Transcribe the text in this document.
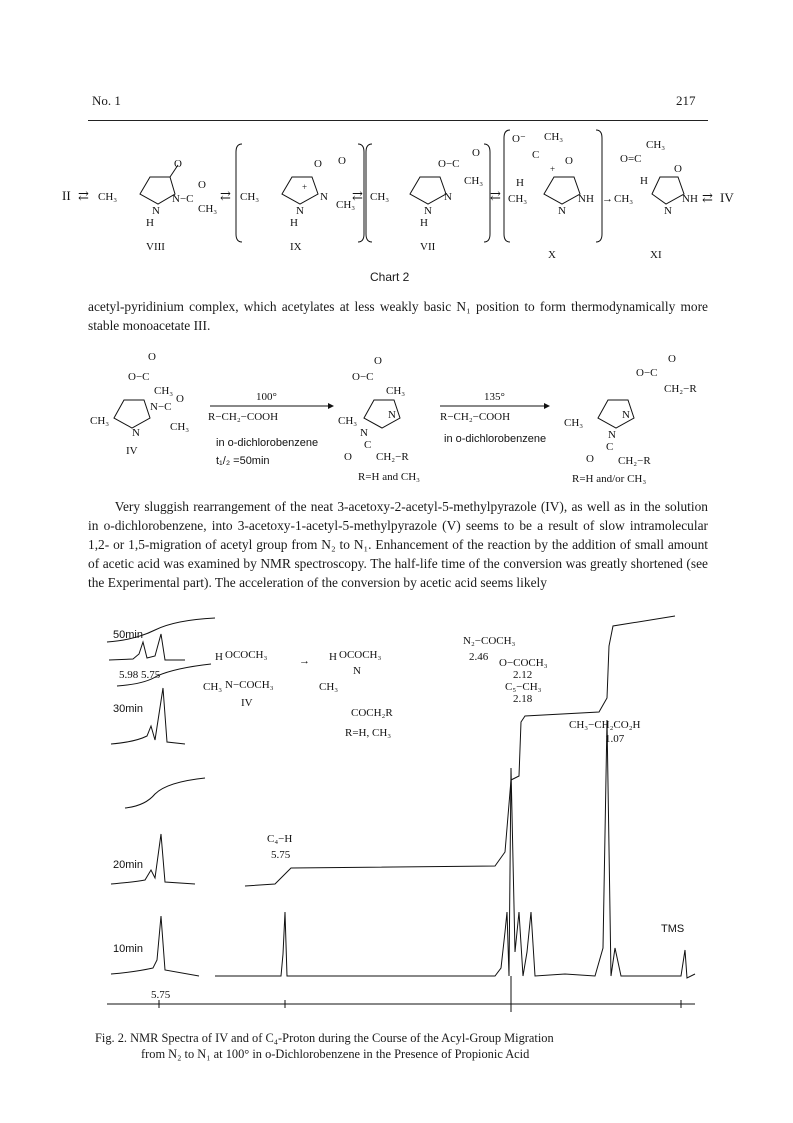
No. 1	217
II ⇄ CH₃
O
N
H
N−C
O
CH₃
VIII
⇄ CH₃
O O
+
N
N
H
CH₃
IX
⇄ CH₃
O−C
O
CH₃
N
N
H
VII
⇄
O⁻ CH₃
C
+
O
H
CH₃
N
NH
X
→
CH₃
O=C
H
O
CH₃
N
NH ⇄ IV
XI
Chart 2
acetyl-pyridinium complex, which acetylates at less weakly basic N₁ position to form thermodynamically more stable monoacetate III.
O
O−C
CH₃
CH₃
N
N−C
O
CH₃
IV
100°
R−CH₂−COOH
in o-dichlorobenzene
t₁/₂ =50min
O
O−C
CH₃
CH₃	N
N
C
O CH₂−R
R=H and CH₃
135°
R−CH₂−COOH
in o-dichlorobenzene
O
O−C
CH₂−R
CH₃
N
N
C
O CH₂−R
R=H and/or CH₃
Very sluggish rearrangement of the neat 3-acetoxy-2-acetyl-5-methylpyrazole (IV), as well as in the solution in o-dichlorobenzene, into 3-acetoxy-1-acetyl-5-methylpyrazole (V) seems to be a result of slow intramolecular 1,2- or 1,5-migration of acetyl group from N₂ to N₁. Enhancement of the reaction by the addition of small amount of acetic acid was examined by NMR spectroscopy. The half-life time of the conversion was greatly shortened (see the Experimental part). The acceleration of the conversion by acetic acid seems likely
50min
5.98 5.75
30min
20min
10min
5.75
OCOCH₃
H
N−COCH₃
CH₃
IV
→	OCOCH₃
H
N
CH₃
COCH₂R
R=H, CH₃
N₂−COCH₃
2.46 O−COCH₃
2.12
C₅−CH₃
2.18
CH₃−CH₂CO₂H
1.07
C₄−H
5.75
TMS
Fig. 2. NMR Spectra of IV and of C₄-Proton during the Course of the Acyl-Group Migration
from N₂ to N₁ at 100° in o-Dichlorobenzene in the Presence of Propionic Acid
